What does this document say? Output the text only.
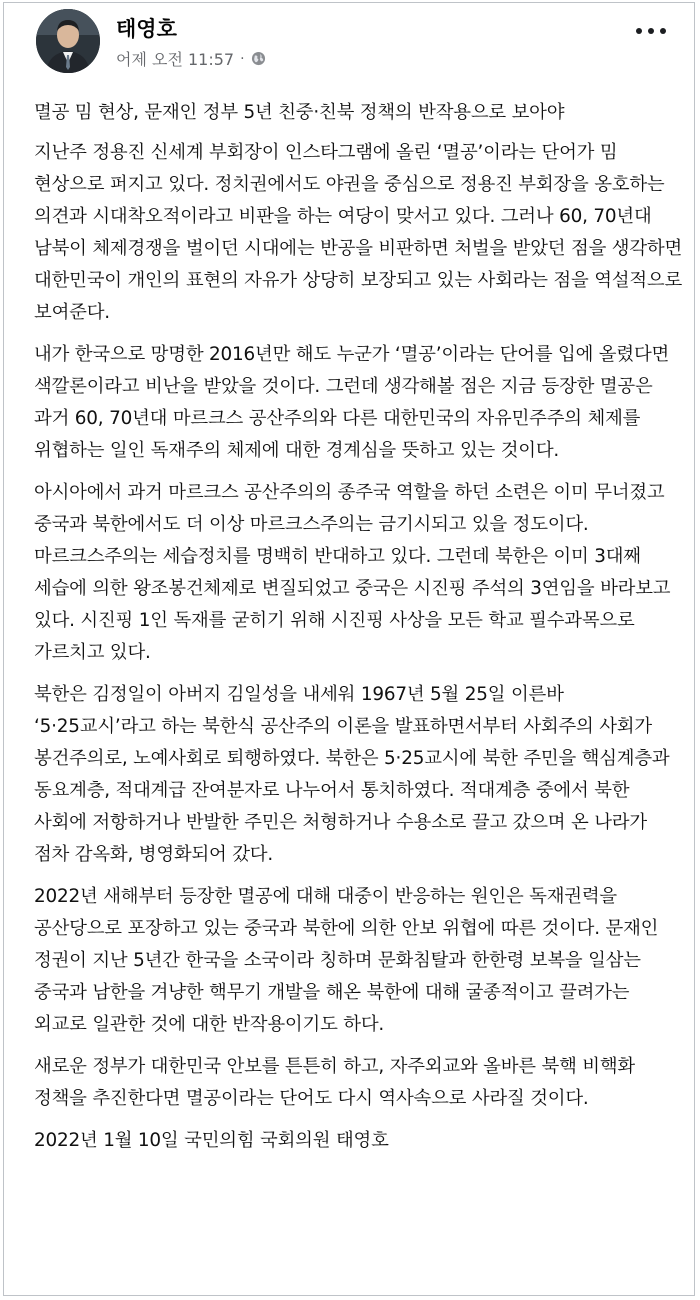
태영호
어제 오전 11:57 ·

멸공 밈 현상, 문재인 정부 5년 친중·친북 정책의 반작용으로 보아야

지난주 정용진 신세계 부회장이 인스타그램에 올린 ‘멸공’이라는 단어가 밈 현상으로 퍼지고 있다. 정치권에서도 야권을 중심으로 정용진 부회장을 옹호하는 의견과 시대착오적이라고 비판을 하는 여당이 맞서고 있다. 그러나 60, 70년대 남북이 체제경쟁을 벌이던 시대에는 반공을 비판하면 처벌을 받았던 점을 생각하면 대한민국이 개인의 표현의 자유가 상당히 보장되고 있는 사회라는 점을 역설적으로 보여준다.

내가 한국으로 망명한 2016년만 해도 누군가 ‘멸공’이라는 단어를 입에 올렸다면 색깔론이라고 비난을 받았을 것이다. 그런데 생각해볼 점은 지금 등장한 멸공은 과거 60, 70년대 마르크스 공산주의와 다른 대한민국의 자유민주주의 체제를 위협하는 일인 독재주의 체제에 대한 경계심을 뜻하고 있는 것이다.

아시아에서 과거 마르크스 공산주의의 종주국 역할을 하던 소련은 이미 무너졌고 중국과 북한에서도 더 이상 마르크스주의는 금기시되고 있을 정도이다. 마르크스주의는 세습정치를 명백히 반대하고 있다. 그런데 북한은 이미 3대째 세습에 의한 왕조봉건체제로 변질되었고 중국은 시진핑 주석의 3연임을 바라보고 있다. 시진핑 1인 독재를 굳히기 위해 시진핑 사상을 모든 학교 필수과목으로 가르치고 있다.

북한은 김정일이 아버지 김일성을 내세워 1967년 5월 25일 이른바 ‘5·25교시’라고 하는 북한식 공산주의 이론을 발표하면서부터 사회주의 사회가 봉건주의로, 노예사회로 퇴행하였다. 북한은 5·25교시에 북한 주민을 핵심계층과 동요계층, 적대계급 잔여분자로 나누어서 통치하였다. 적대계층 중에서 북한 사회에 저항하거나 반발한 주민은 처형하거나 수용소로 끌고 갔으며 온 나라가 점차 감옥화, 병영화되어 갔다.

2022년 새해부터 등장한 멸공에 대해 대중이 반응하는 원인은 독재권력을 공산당으로 포장하고 있는 중국과 북한에 의한 안보 위협에 따른 것이다. 문재인 정권이 지난 5년간 한국을 소국이라 칭하며 문화침탈과 한한령 보복을 일삼는 중국과 남한을 겨냥한 핵무기 개발을 해온 북한에 대해 굴종적이고 끌려가는 외교로 일관한 것에 대한 반작용이기도 하다.

새로운 정부가 대한민국 안보를 튼튼히 하고, 자주외교와 올바른 북핵 비핵화 정책을 추진한다면 멸공이라는 단어도 다시 역사속으로 사라질 것이다.

2022년 1월 10일 국민의힘 국회의원 태영호
